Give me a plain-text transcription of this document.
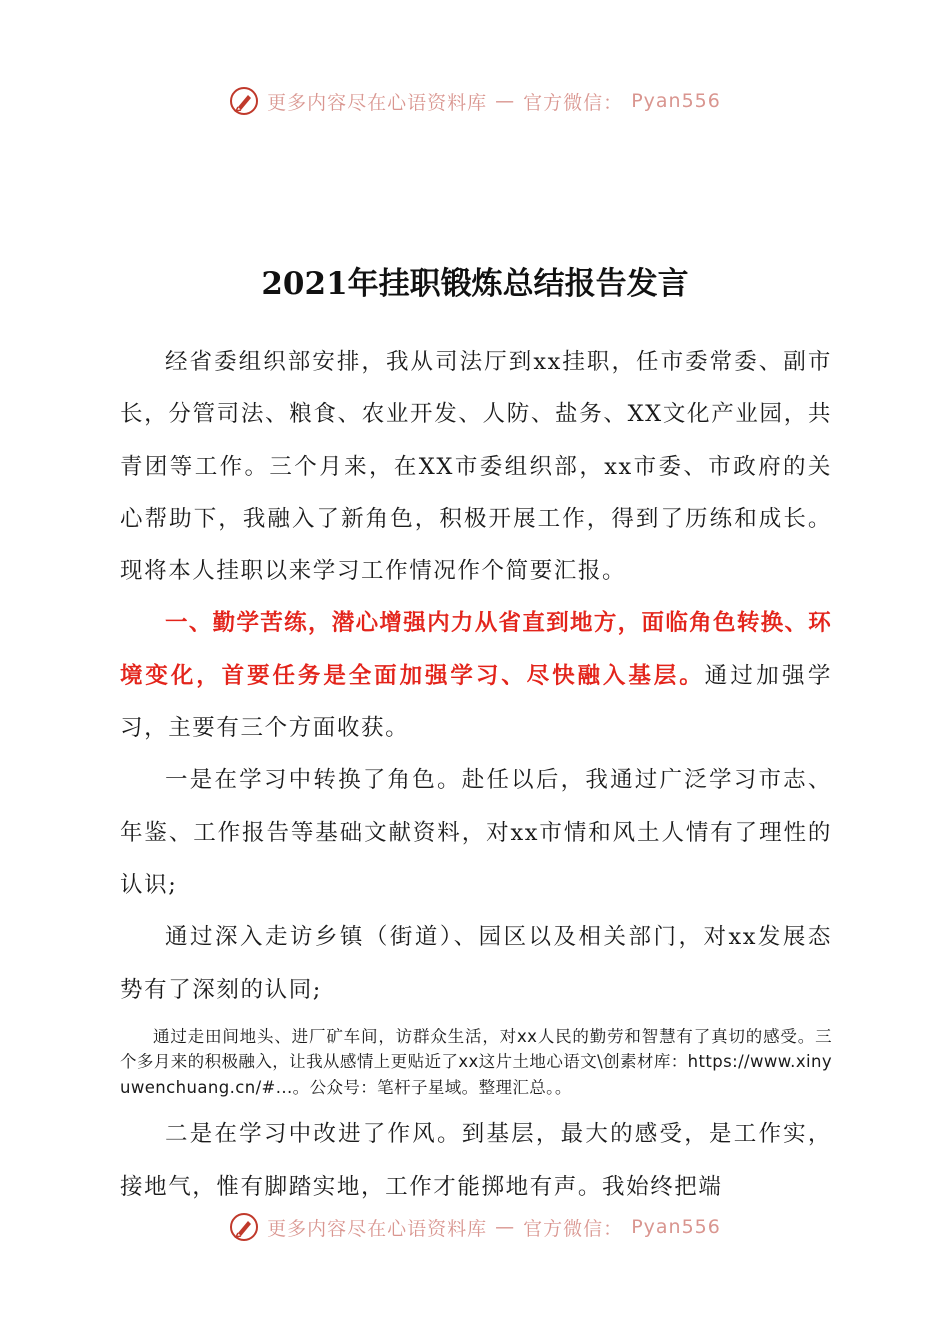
更多内容尽在心语资料库 — 官方微信： Pyan556
2021年挂职锻炼总结报告发言

经省委组织部安排，我从司法厅到xx挂职，任市委常委、副市长，分管司法、粮食、农业开发、人防、盐务、XX文化产业园，共青团等工作。三个月来，在XX市委组织部，xx市委、市政府的关心帮助下，我融入了新角色，积极开展工作，得到了历练和成长。现将本人挂职以来学习工作情况作个简要汇报。

一、勤学苦练，潜心增强内力从省直到地方，面临角色转换、环境变化，首要任务是全面加强学习、尽快融入基层。通过加强学习，主要有三个方面收获。

一是在学习中转换了角色。赴任以后，我通过广泛学习市志、年鉴、工作报告等基础文献资料，对xx市情和风土人情有了理性的认识;

通过深入走访乡镇（街道）、园区以及相关部门，对xx发展态势有了深刻的认同;

通过走田间地头、进厂矿车间，访群众生活，对xx人民的勤劳和智慧有了真切的感受。三个多月来的积极融入，让我从感情上更贴近了xx这片土地心语文\创素材库：https://www.xinyuwenchuang.cn/#...。公众号：笔杆子星域。整理汇总。。

二是在学习中改进了作风。到基层，最大的感受，是工作实，接地气，惟有脚踏实地，工作才能掷地有声。我始终把端

更多内容尽在心语资料库 — 官方微信： Pyan556
